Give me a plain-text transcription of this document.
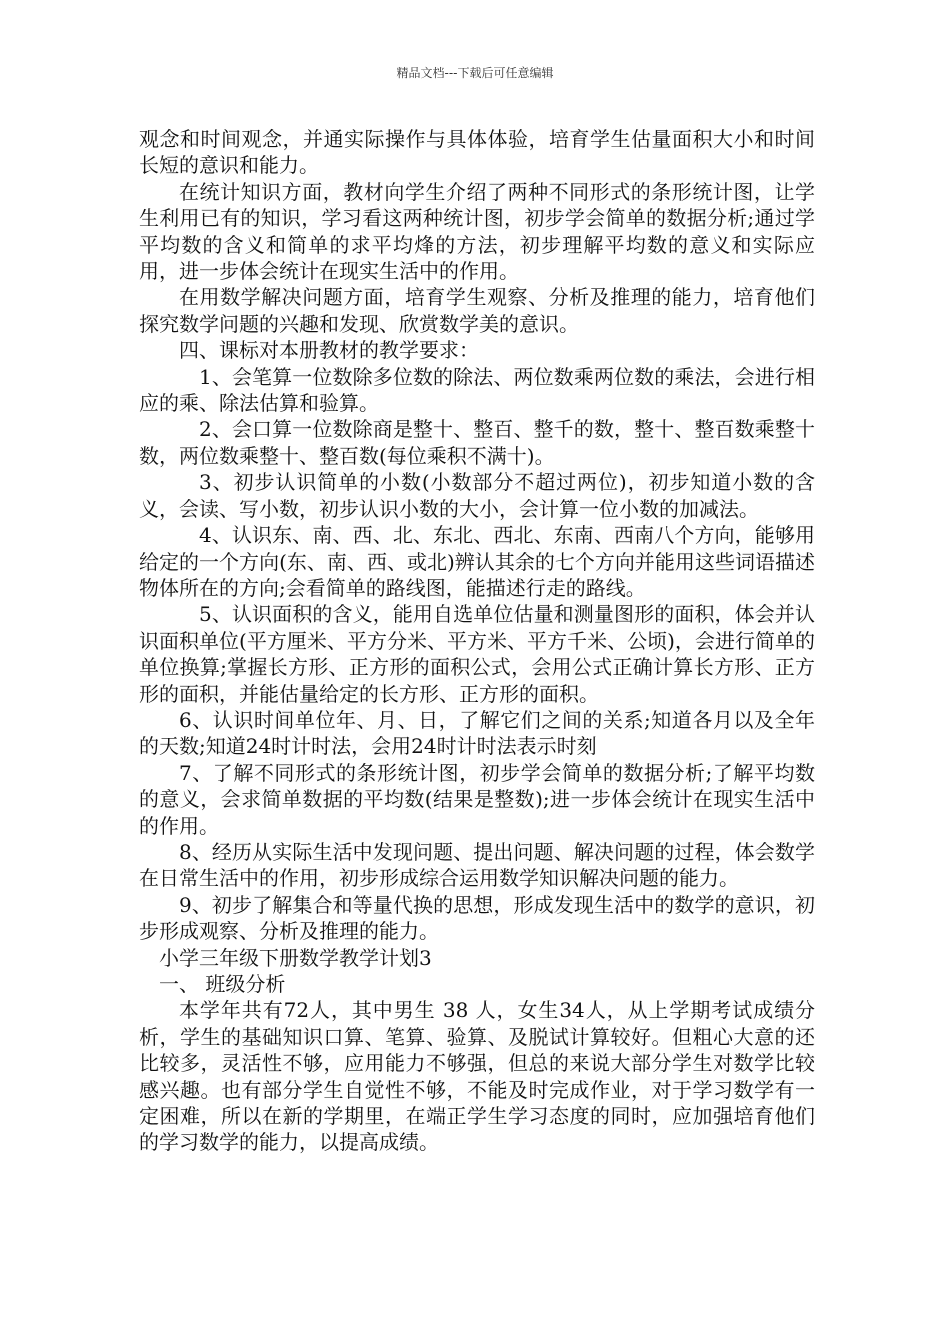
精品文档---下载后可任意编辑

观念和时间观念，并通实际操作与具体体验，培育学生估量面积大小和时间长短的意识和能力。

在统计知识方面，教材向学生介绍了两种不同形式的条形统计图，让学生利用已有的知识，学习看这两种统计图，初步学会简单的数据分析;通过学平均数的含义和简单的求平均烽的方法，初步理解平均数的意义和实际应用，进一步体会统计在现实生活中的作用。

在用数学解决问题方面，培育学生观察、分析及推理的能力，培育他们探究数学问题的兴趣和发现、欣赏数学美的意识。

四、课标对本册教材的教学要求：

1、会笔算一位数除多位数的除法、两位数乘两位数的乘法，会进行相应的乘、除法估算和验算。

2、会口算一位数除商是整十、整百、整千的数，整十、整百数乘整十数，两位数乘整十、整百数(每位乘积不满十)。

3、初步认识简单的小数(小数部分不超过两位)，初步知道小数的含义，会读、写小数，初步认识小数的大小，会计算一位小数的加减法。

4、认识东、南、西、北、东北、西北、东南、西南八个方向，能够用给定的一个方向(东、南、西、或北)辨认其余的七个方向并能用这些词语描述物体所在的方向;会看简单的路线图，能描述行走的路线。

5、认识面积的含义，能用自选单位估量和测量图形的面积，体会并认识面积单位(平方厘米、平方分米、平方米、平方千米、公顷)，会进行简单的单位换算;掌握长方形、正方形的面积公式，会用公式正确计算长方形、正方形的面积，并能估量给定的长方形、正方形的面积。

6、认识时间单位年、月、日，了解它们之间的关系;知道各月以及全年的天数;知道24时计时法，会用24时计时法表示时刻

7、了解不同形式的条形统计图，初步学会简单的数据分析;了解平均数的意义，会求简单数据的平均数(结果是整数);进一步体会统计在现实生活中的作用。

8、经历从实际生活中发现问题、提出问题、解决问题的过程，体会数学在日常生活中的作用，初步形成综合运用数学知识解决问题的能力。

9、初步了解集合和等量代换的思想，形成发现生活中的数学的意识，初步形成观察、分析及推理的能力。

小学三年级下册数学教学计划3

一、 班级分析

本学年共有72人，其中男生 38 人，女生34人，从上学期考试成绩分析，学生的基础知识口算、笔算、验算、及脱试计算较好。但粗心大意的还比较多，灵活性不够，应用能力不够强，但总的来说大部分学生对数学比较感兴趣。也有部分学生自觉性不够，不能及时完成作业，对于学习数学有一定困难，所以在新的学期里，在端正学生学习态度的同时，应加强培育他们的学习数学的能力，以提高成绩。
